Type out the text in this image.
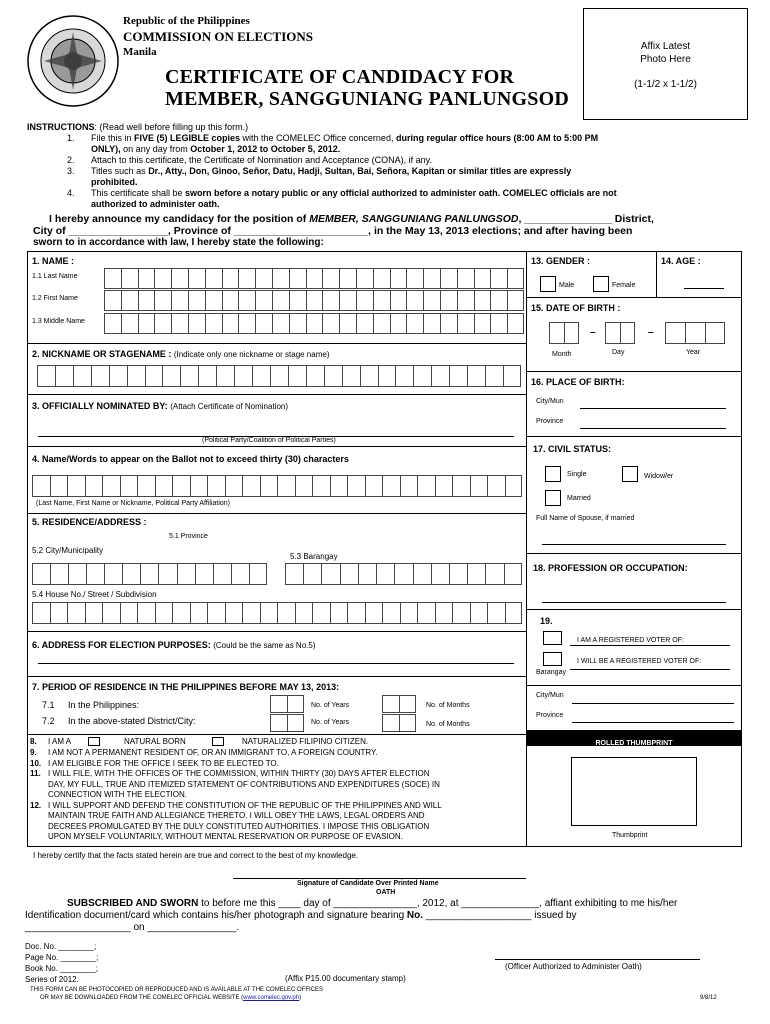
Republic of the Philippines
COMMISSION ON ELECTIONS
Manila
CERTIFICATE OF CANDIDACY FOR
MEMBER, SANGGUNIANG PANLUNGSOD
Affix Latest
Photo Here
(1-1/2 x 1-1/2)
INSTRUCTIONS: (Read well before filling up this form.)
1. File this in FIVE (5) LEGIBLE copies with the COMELEC Office concerned, during regular office hours (8:00 AM to 5:00 PM
ONLY), on any day from October 1, 2012 to October 5, 2012.
2. Attach to this certificate, the Certificate of Nomination and Acceptance (CONA), if any.
3. Titles such as Dr., Atty., Don, Ginoo, Señor, Datu, Hadji, Sultan, Bai, Señora, Kapitan or similar titles are expressly
prohibited.
4. This certificate shall be sworn before a notary public or any official authorized to administer oath. COMELEC officials are not
authorized to administer oath.
I hereby announce my candidacy for the position of MEMBER, SANGGUNIANG PANLUNGSOD, _______________ District,
City of _________________, Province of _______________________, in the May 13, 2013 elections; and after having been
sworn to in accordance with law, I hereby state the following:
1. NAME :
1.1 Last Name
1.2 First Name
1.3 Middle Name
2. NICKNAME OR STAGENAME : (Indicate only one nickname or stage name)
3. OFFICIALLY NOMINATED BY: (Attach Certificate of Nomination)
(Political Party/Coalition of Political Parties)
4. Name/Words to appear on the Ballot not to exceed thirty (30) characters
(Last Name, First Name or Nickname, Political Party Affiliation)
5. RESIDENCE/ADDRESS :
5.1 Province
5.2 City/Municipality
5.3 Barangay
5.4 House No./ Street / Subdivision
6. ADDRESS FOR ELECTION PURPOSES: (Could be the same as No.5)
7. PERIOD OF RESIDENCE IN THE PHILIPPINES BEFORE MAY 13, 2013:
7.1 In the Philippines:	No. of Years	No. of Months
7.2 In the above-stated District/City:	No. of Years	No. of Months
8. I AM A	NATURAL BORN	NATURALIZED FILIPINO CITIZEN.
9. I AM NOT A PERMANENT RESIDENT OF, OR AN IMMIGRANT TO, A FOREIGN COUNTRY.
10. I AM ELIGIBLE FOR THE OFFICE I SEEK TO BE ELECTED TO.
11. I WILL FILE, WITH THE OFFICES OF THE COMMISSION, WITHIN THIRTY (30) DAYS AFTER ELECTION
DAY, MY FULL, TRUE AND ITEMIZED STATEMENT OF CONTRIBUTIONS AND EXPENDITURES (SOCE) IN
CONNECTION WITH THE ELECTION.
12. I WILL SUPPORT AND DEFEND THE CONSTITUTION OF THE REPUBLIC OF THE PHILIPPINES AND WILL
MAINTAIN TRUE FAITH AND ALLEGIANCE THERETO. I WILL OBEY THE LAWS, LEGAL ORDERS AND
DECREES PROMULGATED BY THE DULY CONSTITUTED AUTHORITIES. I IMPOSE THIS OBLIGATION
UPON MYSELF VOLUNTARILY, WITHOUT MENTAL RESERVATION OR PURPOSE OF EVASION.
13. GENDER :	14. AGE :
Male	Female
15. DATE OF BIRTH :
–	–
Month	Day	Year
16. PLACE OF BIRTH:
City/Mun
Province
17. CIVIL STATUS:
Single	Widow/er
Married
Full Name of Spouse, if married
18. PROFESSION OR OCCUPATION:
19.
I AM A REGISTERED VOTER OF:
I WILL BE A REGISTERED VOTER OF:
Barangay
City/Mun
Province
ROLLED THUMBPRINT
Thumbprint
I hereby certify that the facts stated herein are true and correct to the best of my knowledge.
Signature of Candidate Over Printed Name
OATH
SUBSCRIBED AND SWORN to before me this ____ day of _______________, 2012, at ______________, affiant exhibiting to me his/her
Identification document/card which contains his/her photograph and signature bearing No. ___________________ issued by
___________________ on ________________.
Doc. No. ________;
Page No. ________;
Book No. ________;
Series of 2012.	(Affix P15.00 documentary stamp)
(Officer Authorized to Administer Oath)
THIS FORM CAN BE PHOTOCOPIED OR REPRODUCED AND IS AVAILABLE AT THE COMELEC OFFICES
OR MAY BE DOWNLOADED FROM THE COMELEC OFFICIAL WEBSITE (www.comelec.gov.ph)	9/8/12
